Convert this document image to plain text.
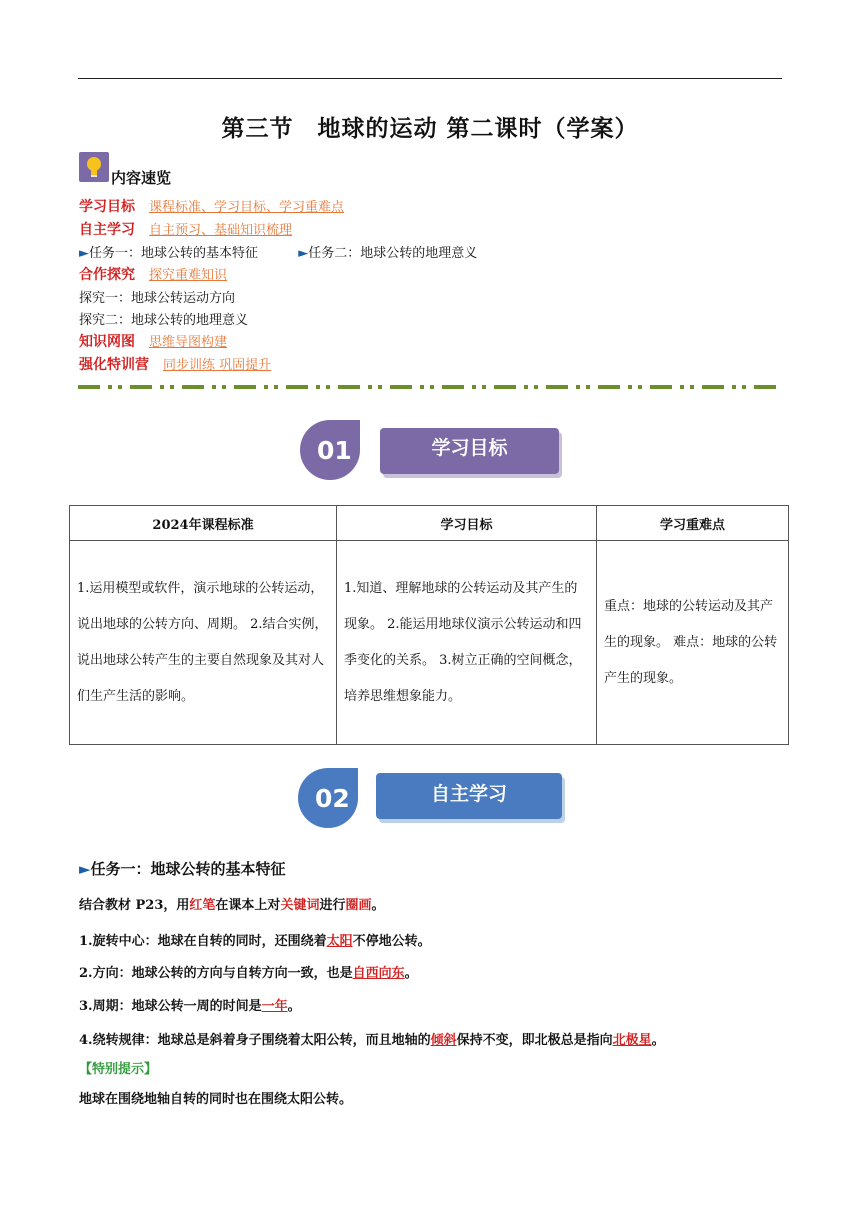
第三节　地球的运动 第二课时（学案）
内容速览
学习目标 课程标准、学习目标、学习重难点
自主学习 自主预习、基础知识梳理
►任务一：地球公转的基本特征	►任务二：地球公转的地理意义
合作探究 探究重难知识
探究一：地球公转运动方向
探究二：地球公转的地理意义
知识网图 思维导图构建
强化特训营 同步训练 巩固提升
01	学习目标
2024年课程标准	学习目标	学习重难点
1.运用模型或软件，演示地球的公转运动，说出地球的公转方向、周期。 2.结合实例，说出地球公转产生的主要自然现象及其对人们生产生活的影响。	1.知道、理解地球的公转运动及其产生的现象。 2.能运用地球仪演示公转运动和四季变化的关系。 3.树立正确的空间概念，培养思维想象能力。	重点：地球的公转运动及其产生的现象。 难点：地球的公转产生的现象。
02	自主学习
►任务一：地球公转的基本特征
结合教材 P23，用红笔在课本上对关键词进行圈画。
1.旋转中心：地球在自转的同时，还围绕着太阳不停地公转。
2.方向：地球公转的方向与自转方向一致，也是自西向东。
3.周期：地球公转一周的时间是一年。
4.绕转规律：地球总是斜着身子围绕着太阳公转，而且地轴的倾斜保持不变，即北极总是指向北极星。
【特别提示】
地球在围绕地轴自转的同时也在围绕太阳公转。
